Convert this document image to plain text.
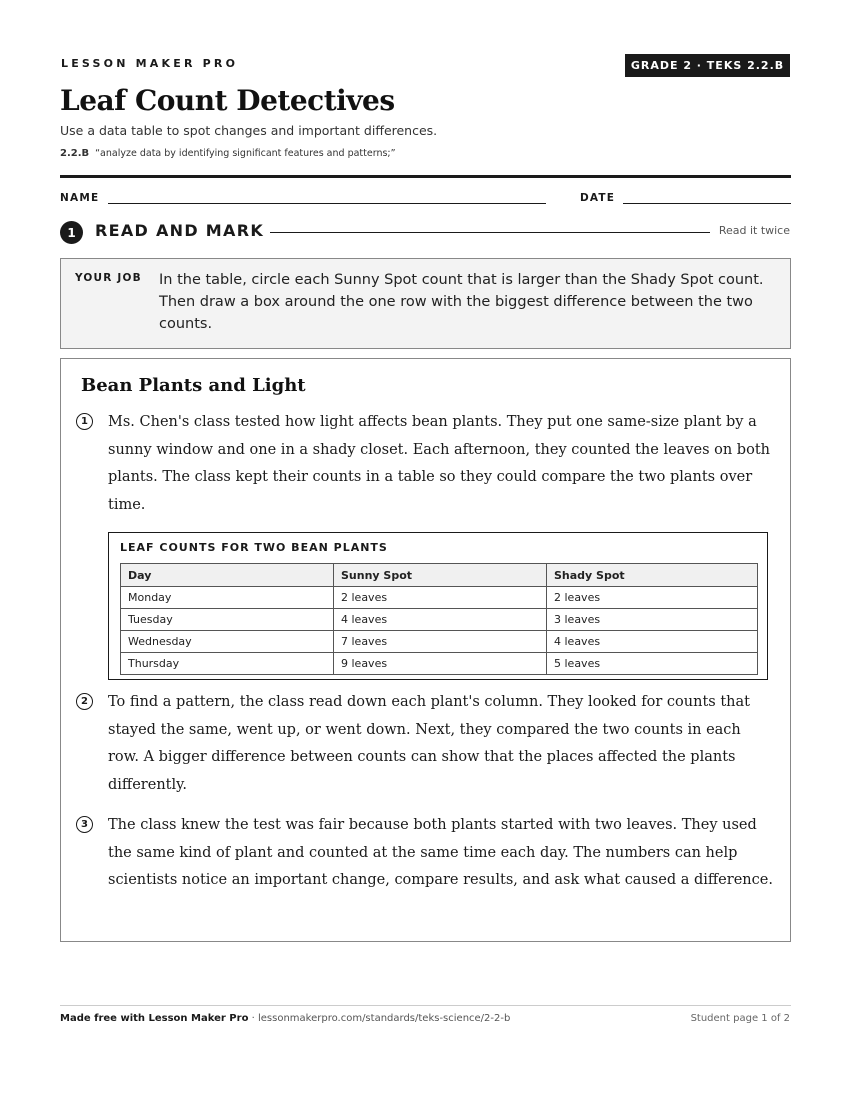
LESSON MAKER PRO	GRADE 2 · TEKS 2.2.B
Leaf Count Detectives
Use a data table to spot changes and important differences.
2.2.B “analyze data by identifying significant features and patterns;”
NAME	DATE
1	READ AND MARK	Read it twice
YOUR JOB In the table, circle each Sunny Spot count that is larger than the Shady Spot count. Then draw a box around the one row with the biggest difference between the two counts.
Bean Plants and Light
1	Ms. Chen's class tested how light affects bean plants. They put one same-size plant by a sunny window and one in a shady closet. Each afternoon, they counted the leaves on both plants. The class kept their counts in a table so they could compare the two plants over time.
LEAF COUNTS FOR TWO BEAN PLANTS
Day	Sunny Spot	Shady Spot
Monday	2 leaves	2 leaves
Tuesday	4 leaves	3 leaves
Wednesday	7 leaves	4 leaves
Thursday	9 leaves	5 leaves
2	To find a pattern, the class read down each plant's column. They looked for counts that stayed the same, went up, or went down. Next, they compared the two counts in each row. A bigger difference between counts can show that the places affected the plants differently.
3	The class knew the test was fair because both plants started with two leaves. They used the same kind of plant and counted at the same time each day. The numbers can help scientists notice an important change, compare results, and ask what caused a difference.
Made free with Lesson Maker Pro · lessonmakerpro.com/standards/teks-science/2-2-b	Student page 1 of 2
